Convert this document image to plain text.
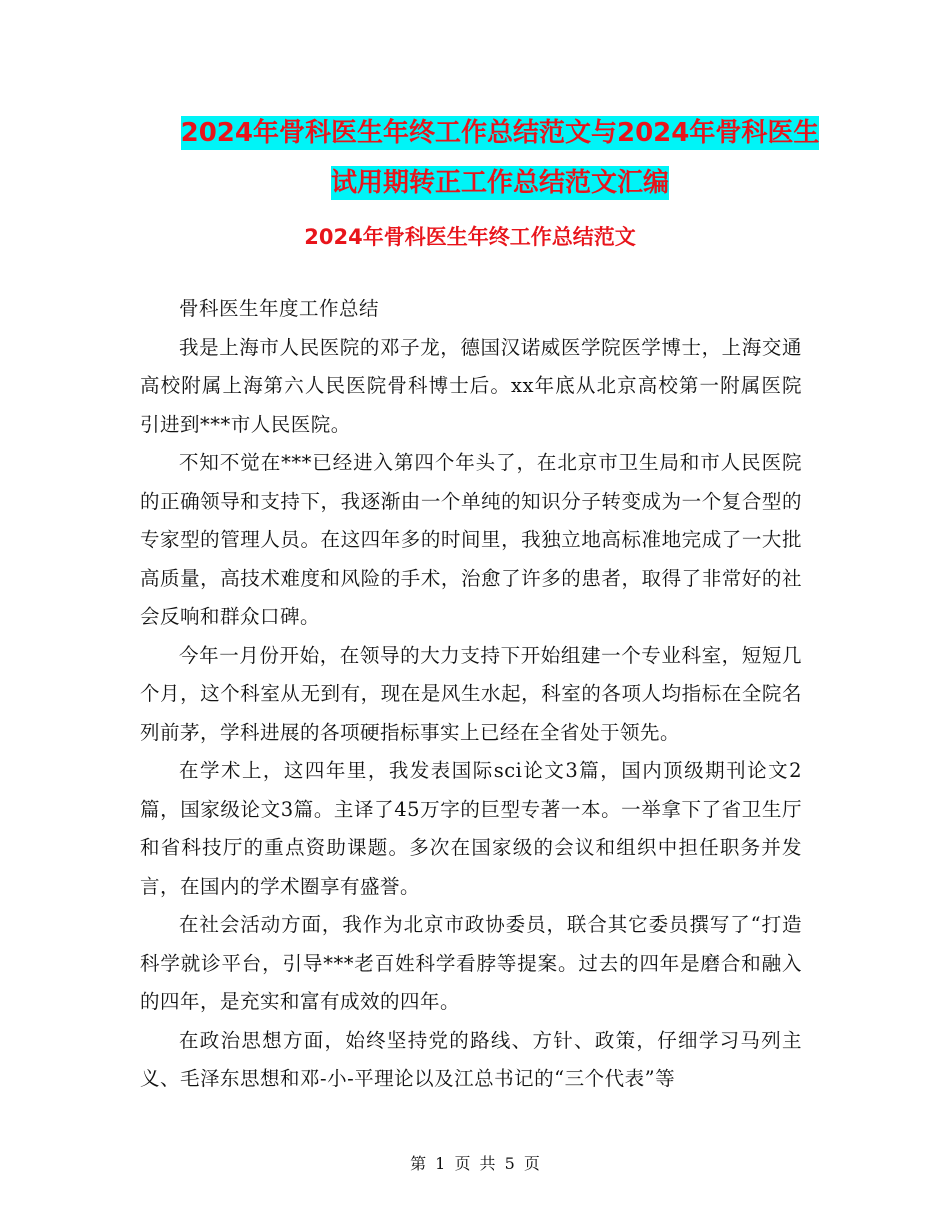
2024年骨科医生年终工作总结范文与2024年骨科医生
试用期转正工作总结范文汇编
2024年骨科医生年终工作总结范文

骨科医生年度工作总结

我是上海市人民医院的邓子龙，德国汉诺威医学院医学博士，上海交通高校附属上海第六人民医院骨科博士后。xx年底从北京高校第一附属医院引进到***市人民医院。

不知不觉在***已经进入第四个年头了，在北京市卫生局和市人民医院的正确领导和支持下，我逐渐由一个单纯的知识分子转变成为一个复合型的专家型的管理人员。在这四年多的时间里，我独立地高标准地完成了一大批高质量，高技术难度和风险的手术，治愈了许多的患者，取得了非常好的社会反响和群众口碑。

今年一月份开始，在领导的大力支持下开始组建一个专业科室，短短几个月，这个科室从无到有，现在是风生水起，科室的各项人均指标在全院名列前茅，学科进展的各项硬指标事实上已经在全省处于领先。

在学术上，这四年里，我发表国际sci论文3篇，国内顶级期刊论文2篇，国家级论文3篇。主译了45万字的巨型专著一本。一举拿下了省卫生厅和省科技厅的重点资助课题。多次在国家级的会议和组织中担任职务并发言，在国内的学术圈享有盛誉。

在社会活动方面，我作为北京市政协委员，联合其它委员撰写了“打造科学就诊平台，引导***老百姓科学看脖等提案。过去的四年是磨合和融入的四年，是充实和富有成效的四年。

在政治思想方面，始终坚持党的路线、方针、政策，仔细学习马列主义、毛泽东思想和邓-小-平理论以及江总书记的“三个代表”等

第 1 页 共 5 页
